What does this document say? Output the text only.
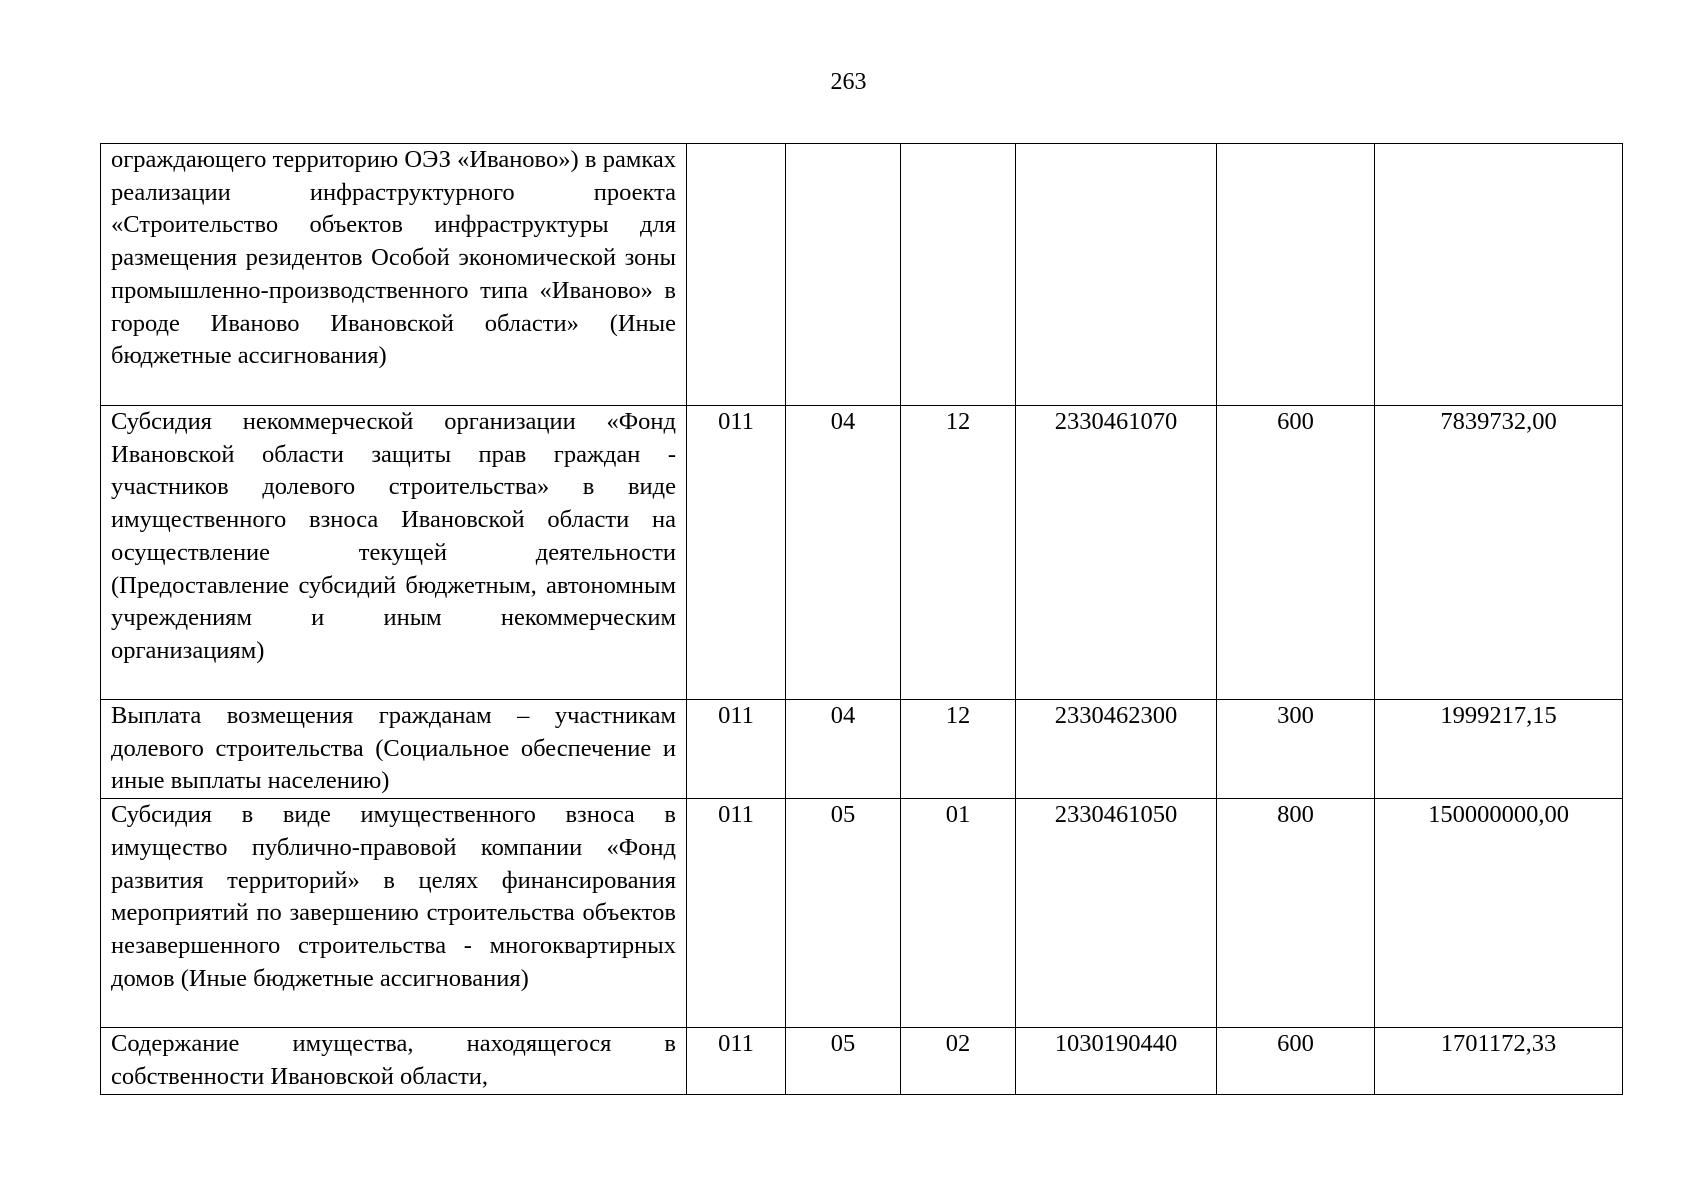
263
ограждающего территорию ОЭЗ «Иваново») в рамках реализации инфраструктурного проекта «Строительство объектов инфраструктуры для размещения резидентов Особой экономической зоны промышленно-производственного типа «Иваново» в городе Иваново Ивановской области» (Иные бюджетные ассигнования)						
Субсидия некоммерческой организации «Фонд Ивановской области защиты прав граждан - участников долевого строительства» в виде имущественного взноса Ивановской области на осуществление текущей деятельности (Предоставление субсидий бюджетным, автономным учреждениям и иным некоммерческим организациям)	011	04	12	2330461070	600	7839732,00
Выплата возмещения гражданам – участникам долевого строительства (Социальное обеспечение и иные выплаты населению)	011	04	12	2330462300	300	1999217,15
Субсидия в виде имущественного взноса в имущество публично-правовой компании «Фонд развития территорий» в целях финансирования мероприятий по завершению строительства объектов незавершенного строительства - многоквартирных домов (Иные бюджетные ассигнования)	011	05	01	2330461050	800	150000000,00
Содержание имущества, находящегося в собственности Ивановской области,	011	05	02	1030190440	600	1701172,33
